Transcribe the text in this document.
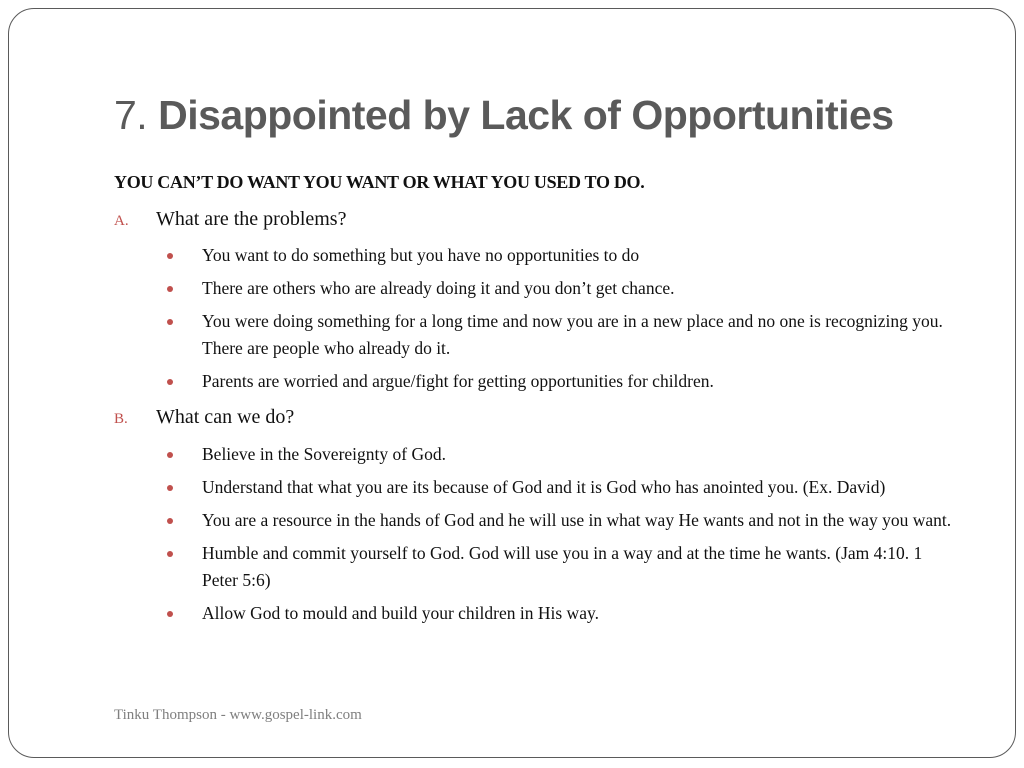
7. Disappointed by Lack of Opportunities
YOU CAN’T DO WANT YOU WANT OR WHAT YOU USED TO DO.
A. What are the problems?
You want to do something but you have no opportunities to do
There are others who are already doing it and you don’t get chance.
You were doing something for a long time and now you are in a new place and no one is recognizing you. There are people who already do it.
Parents are worried and argue/fight for getting opportunities for children.
B. What can we do?
Believe in the Sovereignty of God.
Understand that what you are its because of God and it is God who has anointed you. (Ex. David)
You are a resource in the hands of God and he will use in what way He wants and not in the way you want.
Humble and commit yourself to God. God will use you in a way and at the time he wants. (Jam 4:10. 1 Peter 5:6)
Allow God to mould and build your children in His way.
Tinku Thompson - www.gospel-link.com
